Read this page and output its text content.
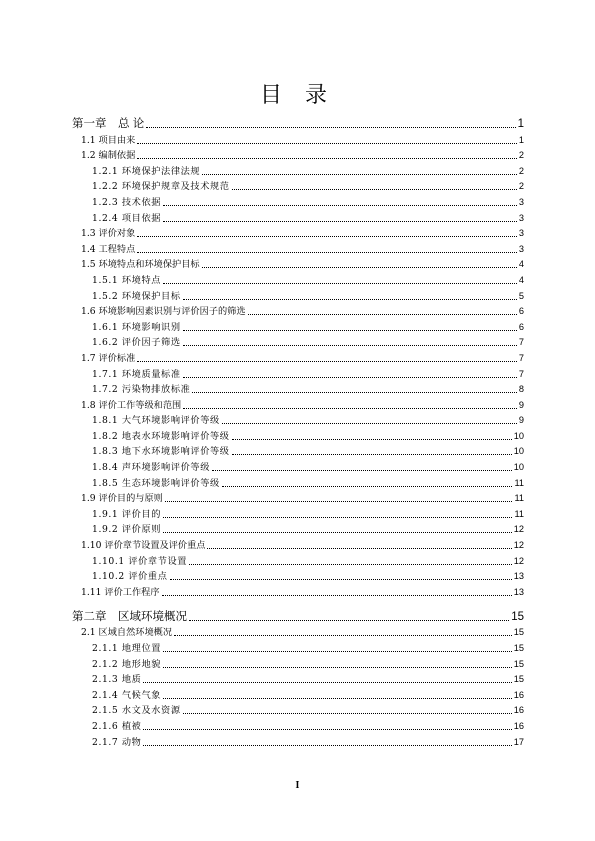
目 录
第一章　总 论	1
1.1 项目由来	1
1.2 编制依据	2
1.2.1 环境保护法律法规	2
1.2.2 环境保护规章及技术规范	2
1.2.3 技术依据	3
1.2.4 项目依据	3
1.3 评价对象	3
1.4 工程特点	3
1.5 环境特点和环境保护目标	4
1.5.1 环境特点	4
1.5.2 环境保护目标	5
1.6 环境影响因素识别与评价因子的筛选	6
1.6.1 环境影响识别	6
1.6.2 评价因子筛选	7
1.7 评价标准	7
1.7.1 环境质量标准	7
1.7.2 污染物排放标准	8
1.8 评价工作等级和范围	9
1.8.1 大气环境影响评价等级	9
1.8.2 地表水环境影响评价等级	10
1.8.3 地下水环境影响评价等级	10
1.8.4 声环境影响评价等级	10
1.8.5 生态环境影响评价等级	11
1.9 评价目的与原则	11
1.9.1 评价目的	11
1.9.2 评价原则	12
1.10 评价章节设置及评价重点	12
1.10.1 评价章节设置	12
1.10.2 评价重点	13
1.11 评价工作程序	13
第二章　区域环境概况	15
2.1 区域自然环境概况	15
2.1.1 地理位置	15
2.1.2 地形地貌	15
2.1.3 地质	15
2.1.4 气候气象	16
2.1.5 水文及水资源	16
2.1.6 植被	16
2.1.7 动物	17
I
